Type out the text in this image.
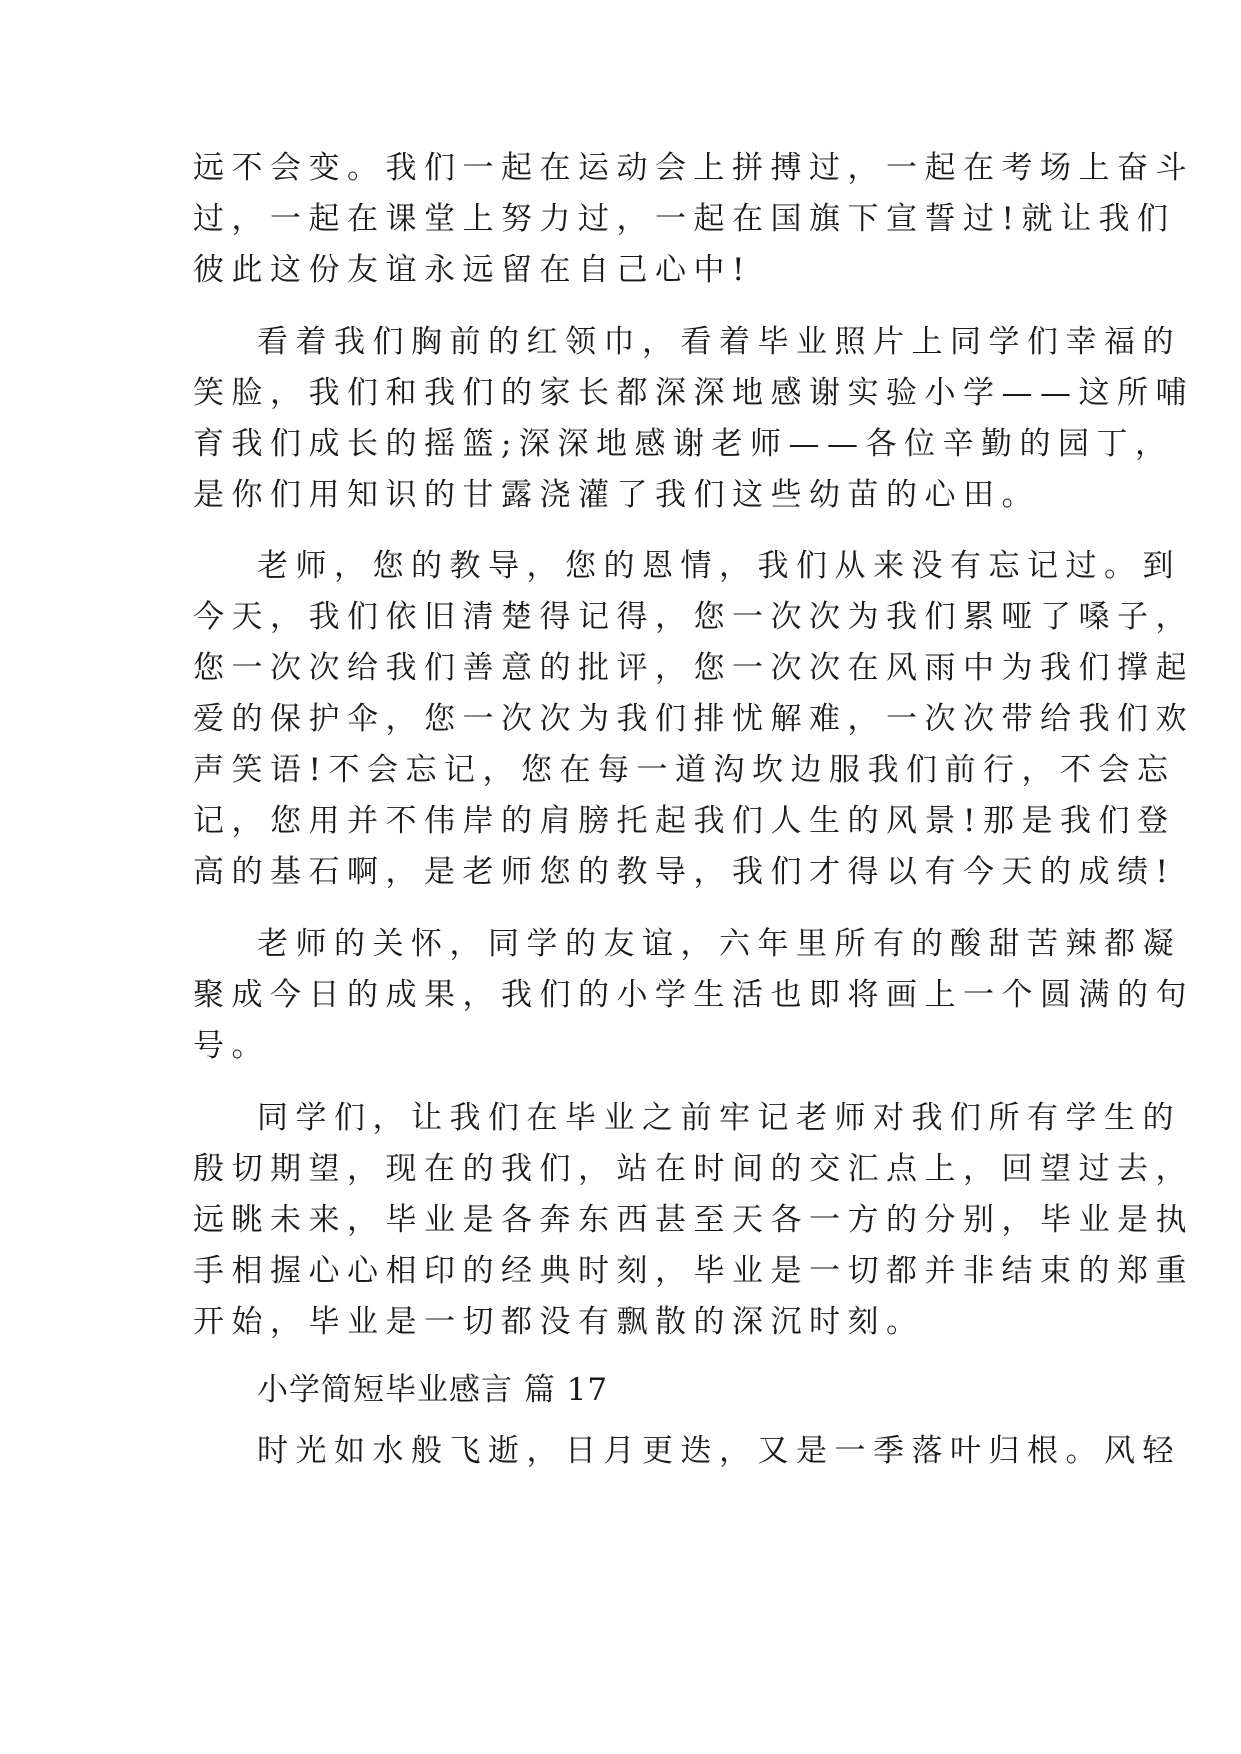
远不会变。我们一起在运动会上拼搏过，一起在考场上奋斗
过，一起在课堂上努力过，一起在国旗下宣誓过!就让我们
彼此这份友谊永远留在自己心中!
看着我们胸前的红领巾，看着毕业照片上同学们幸福的
笑脸，我们和我们的家长都深深地感谢实验小学——这所哺
育我们成长的摇篮;深深地感谢老师——各位辛勤的园丁，
是你们用知识的甘露浇灌了我们这些幼苗的心田。
老师，您的教导，您的恩情，我们从来没有忘记过。到
今天，我们依旧清楚得记得，您一次次为我们累哑了嗓子，
您一次次给我们善意的批评，您一次次在风雨中为我们撑起
爱的保护伞，您一次次为我们排忧解难，一次次带给我们欢
声笑语!不会忘记，您在每一道沟坎边服我们前行，不会忘
记，您用并不伟岸的肩膀托起我们人生的风景!那是我们登
高的基石啊，是老师您的教导，我们才得以有今天的成绩!
老师的关怀，同学的友谊，六年里所有的酸甜苦辣都凝
聚成今日的成果，我们的小学生活也即将画上一个圆满的句
号。
同学们，让我们在毕业之前牢记老师对我们所有学生的
殷切期望，现在的我们，站在时间的交汇点上，回望过去，
远眺未来，毕业是各奔东西甚至天各一方的分别，毕业是执
手相握心心相印的经典时刻，毕业是一切都并非结束的郑重
开始，毕业是一切都没有飘散的深沉时刻。
小学简短毕业感言 篇 17
时光如水般飞逝，日月更迭，又是一季落叶归根。风轻
